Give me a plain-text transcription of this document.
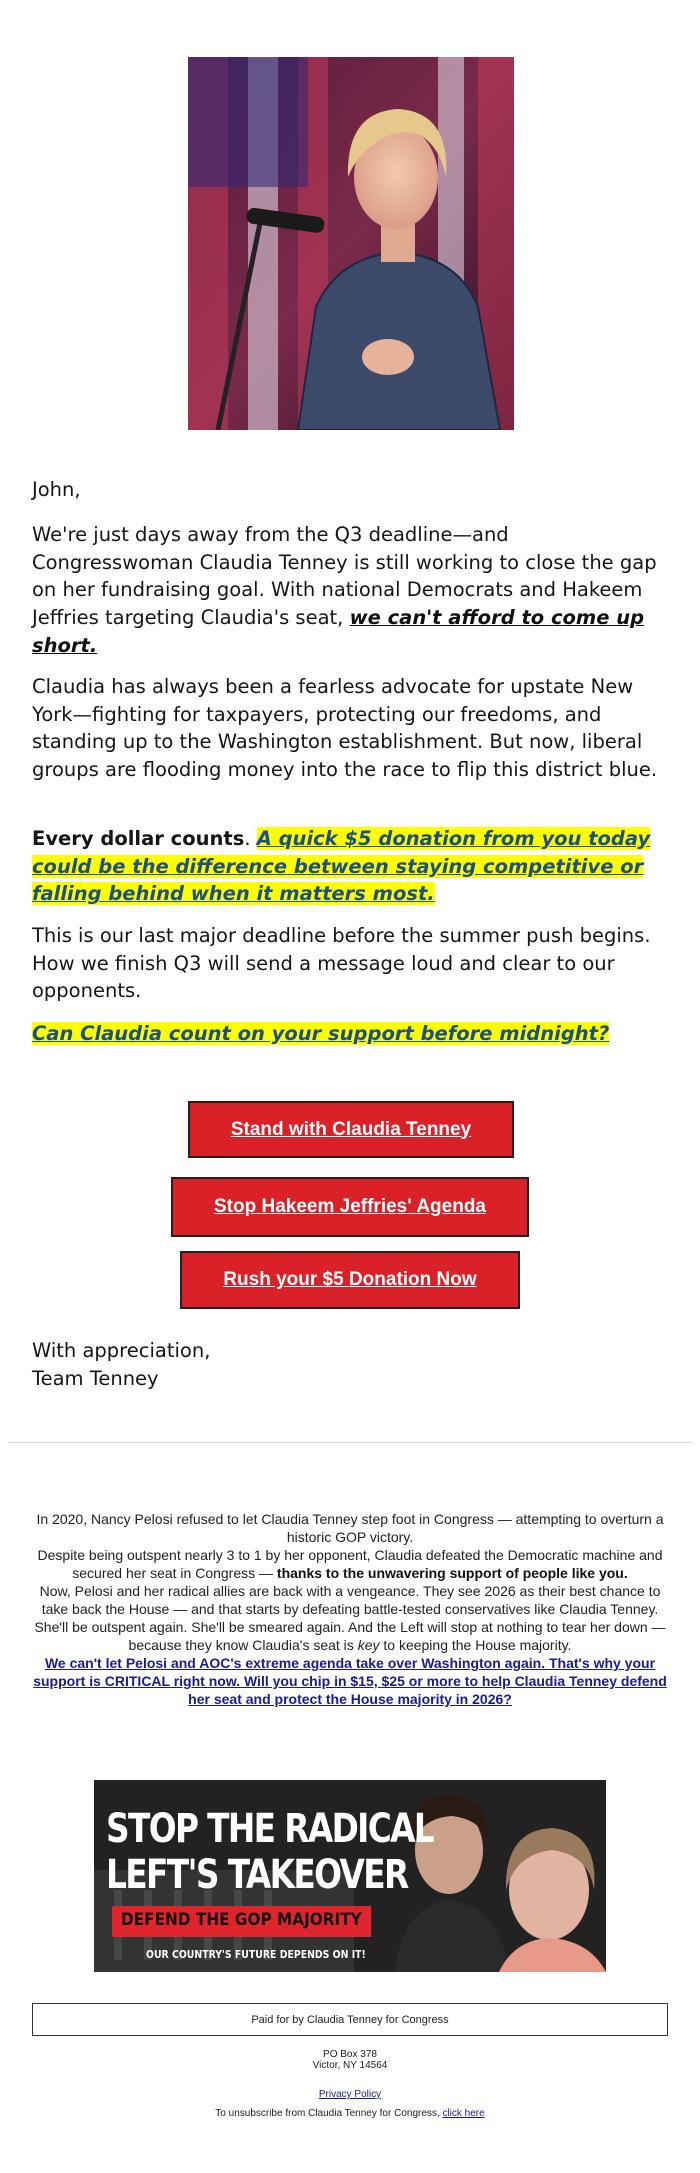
John,

We're just days away from the Q3 deadline—and Congresswoman Claudia Tenney is still working to close the gap on her fundraising goal. With national Democrats and Hakeem Jeffries targeting Claudia's seat, we can't afford to come up short.

Claudia has always been a fearless advocate for upstate New York—fighting for taxpayers, protecting our freedoms, and standing up to the Washington establishment. But now, liberal groups are flooding money into the race to flip this district blue.

Every dollar counts. A quick $5 donation from you today could be the difference between staying competitive or falling behind when it matters most.

This is our last major deadline before the summer push begins. How we finish Q3 will send a message loud and clear to our opponents.

Can Claudia count on your support before midnight?

Stand with Claudia Tenney
Stop Hakeem Jeffries' Agenda
Rush your $5 Donation Now

With appreciation,
Team Tenney

In 2020, Nancy Pelosi refused to let Claudia Tenney step foot in Congress — attempting to overturn a historic GOP victory.
Despite being outspent nearly 3 to 1 by her opponent, Claudia defeated the Democratic machine and secured her seat in Congress — thanks to the unwavering support of people like you.
Now, Pelosi and her radical allies are back with a vengeance. They see 2026 as their best chance to take back the House — and that starts by defeating battle-tested conservatives like Claudia Tenney.
She'll be outspent again. She'll be smeared again. And the Left will stop at nothing to tear her down — because they know Claudia's seat is key to keeping the House majority.
We can't let Pelosi and AOC's extreme agenda take over Washington again. That's why your support is CRITICAL right now. Will you chip in $15, $25 or more to help Claudia Tenney defend her seat and protect the House majority in 2026?

STOP THE RADICAL
LEFT'S TAKEOVER
DEFEND THE GOP MAJORITY
OUR COUNTRY'S FUTURE DEPENDS ON IT!
Paid for by Claudia Tenney for Congress

PO Box 378
Victor, NY 14564

Privacy Policy

To unsubscribe from Claudia Tenney for Congress, click here
